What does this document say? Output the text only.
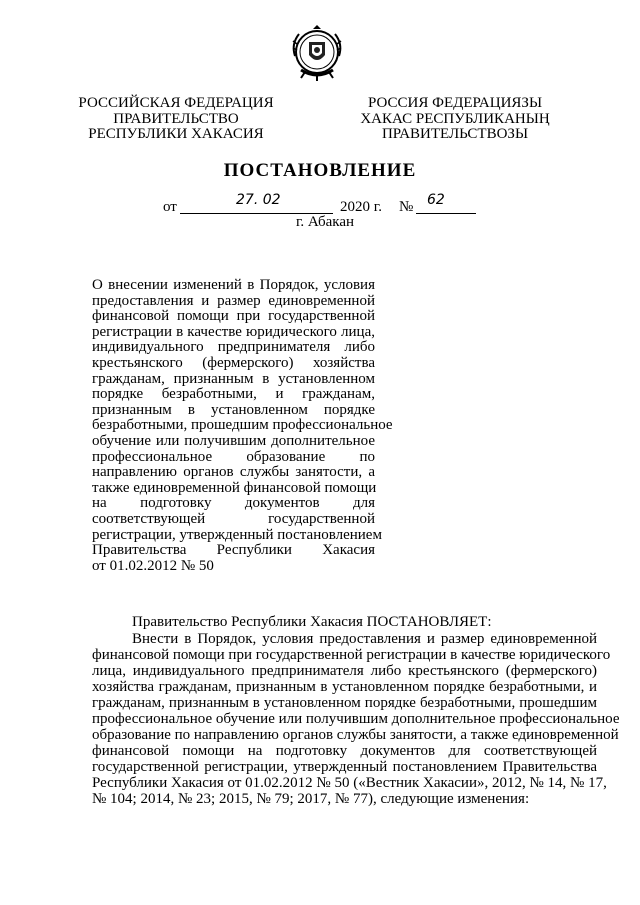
РОССИЙСКАЯ ФЕДЕРАЦИЯ
ПРАВИТЕЛЬСТВО
РЕСПУБЛИКИ ХАКАСИЯ
РОССИЯ ФЕДЕРАЦИЯЗЫ
ХАКАС РЕСПУБЛИКАНЫҢ
ПРАВИТЕЛЬСТВОЗЫ
ПОСТАНОВЛЕНИЕ
от	27. 02	2020 г. № 62
г. Абакан
О внесении изменений в Порядок, условия
предоставления и размер единовременной
финансовой помощи при государственной
регистрации в качестве юридического лица,
индивидуального предпринимателя либо
крестьянского (фермерского) хозяйства
гражданам, признанным в установленном
порядке безработными, и гражданам,
признанным в установленном порядке
безработными, прошедшим профессиональное
обучение или получившим дополнительное
профессиональное образование по
направлению органов службы занятости, а
также единовременной финансовой помощи
на подготовку документов для
соответствующей государственной
регистрации, утвержденный постановлением
Правительства Республики Хакасия
от 01.02.2012 № 50
Правительство Республики Хакасия ПОСТАНОВЛЯЕТ:
Внести в Порядок, условия предоставления и размер единовременной
финансовой помощи при государственной регистрации в качестве юридического
лица, индивидуального предпринимателя либо крестьянского (фермерского)
хозяйства гражданам, признанным в установленном порядке безработными, и
гражданам, признанным в установленном порядке безработными, прошедшим
профессиональное обучение или получившим дополнительное профессиональное
образование по направлению органов службы занятости, а также единовременной
финансовой помощи на подготовку документов для соответствующей
государственной регистрации, утвержденный постановлением Правительства
Республики Хакасия от 01.02.2012 № 50 («Вестник Хакасии», 2012, № 14, № 17,
№ 104; 2014, № 23; 2015, № 79; 2017, № 77), следующие изменения:
